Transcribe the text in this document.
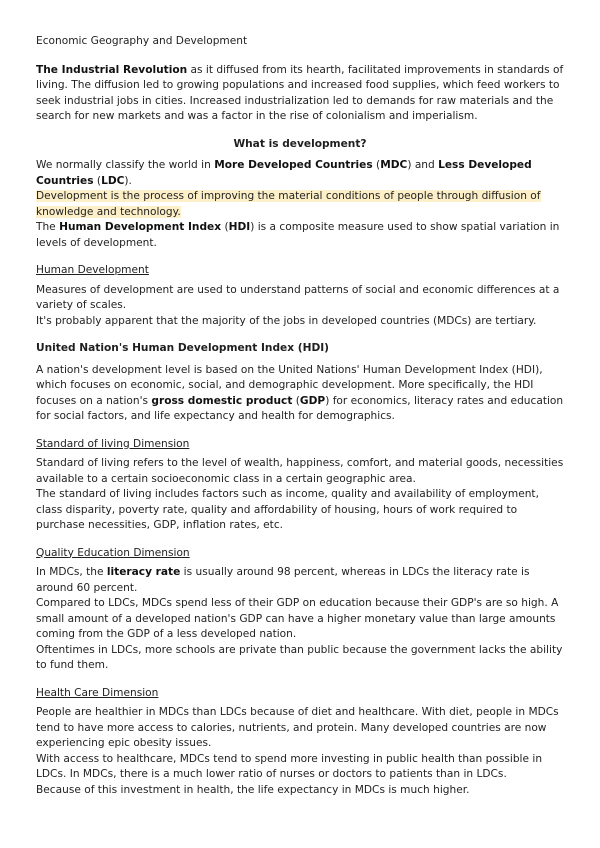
Economic Geography and Development

The Industrial Revolution as it diffused from its hearth, facilitated improvements in standards of living. The diffusion led to growing populations and increased food supplies, which feed workers to seek industrial jobs in cities. Increased industrialization led to demands for raw materials and the search for new markets and was a factor in the rise of colonialism and imperialism.

What is development?

We normally classify the world in More Developed Countries (MDC) and Less Developed Countries (LDC).

Development is the process of improving the material conditions of people through diffusion of knowledge and technology.

The Human Development Index (HDI) is a composite measure used to show spatial variation in levels of development.

Human Development

Measures of development are used to understand patterns of social and economic differences at a variety of scales.

It's probably apparent that the majority of the jobs in developed countries (MDCs) are tertiary.

United Nation's Human Development Index (HDI)

A nation's development level is based on the United Nations' Human Development Index (HDI), which focuses on economic, social, and demographic development. More specifically, the HDI focuses on a nation's gross domestic product (GDP) for economics, literacy rates and education for social factors, and life expectancy and health for demographics.

Standard of living Dimension

Standard of living refers to the level of wealth, happiness, comfort, and material goods, necessities available to a certain socioeconomic class in a certain geographic area.

The standard of living includes factors such as income, quality and availability of employment, class disparity, poverty rate, quality and affordability of housing, hours of work required to purchase necessities, GDP, inflation rates, etc.

Quality Education Dimension

In MDCs, the literacy rate is usually around 98 percent, whereas in LDCs the literacy rate is around 60 percent.

Compared to LDCs, MDCs spend less of their GDP on education because their GDP's are so high. A small amount of a developed nation's GDP can have a higher monetary value than large amounts coming from the GDP of a less developed nation.

Oftentimes in LDCs, more schools are private than public because the government lacks the ability to fund them.

Health Care Dimension

People are healthier in MDCs than LDCs because of diet and healthcare. With diet, people in MDCs tend to have more access to calories, nutrients, and protein. Many developed countries are now experiencing epic obesity issues.

With access to healthcare, MDCs tend to spend more investing in public health than possible in LDCs. In MDCs, there is a much lower ratio of nurses or doctors to patients than in LDCs.

Because of this investment in health, the life expectancy in MDCs is much higher.
